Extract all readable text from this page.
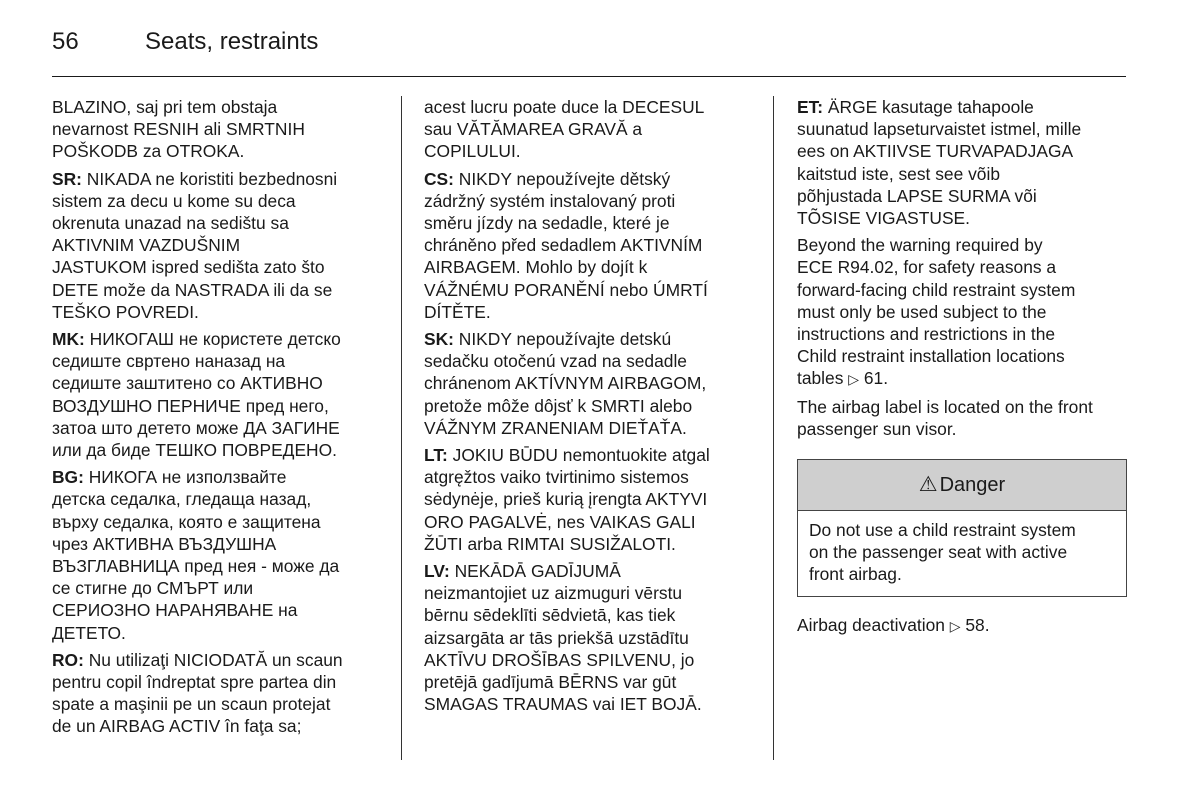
56	Seats, restraints

BLAZINO, saj pri tem obstaja
nevarnost RESNIH ali SMRTNIH
POŠKODB za OTROKA.

SR: NIKADA ne koristiti bezbednosni
sistem za decu u kome su deca
okrenuta unazad na sedištu sa
AKTIVNIM VAZDUŠNIM
JASTUKOM ispred sedišta zato što
DETE može da NASTRADA ili da se
TEŠKO POVREDI.

MK: НИКОГАШ не користете детско
седиште свртено наназад на
седиште заштитено со АКТИВНО
ВОЗДУШНО ПЕРНИЧЕ пред него,
затоа што детето може ДА ЗАГИНЕ
или да биде ТЕШКО ПОВРЕДЕНО.

BG: НИКОГА не използвайте
детска седалка, гледаща назад,
върху седалка, която е защитена
чрез АКТИВНА ВЪЗДУШНА
ВЪЗГЛАВНИЦА пред нея - може да
се стигне до СМЪРТ или
СЕРИОЗНО НАРАНЯВАНЕ на
ДЕТЕТО.

RO: Nu utilizaţi NICIODATĂ un scaun
pentru copil îndreptat spre partea din
spate a maşinii pe un scaun protejat
de un AIRBAG ACTIV în faţa sa;

acest lucru poate duce la DECESUL
sau VĂTĂMAREA GRAVĂ a
COPILULUI.

CS: NIKDY nepoužívejte dětský
zádržný systém instalovaný proti
směru jízdy na sedadle, které je
chráněno před sedadlem AKTIVNÍM
AIRBAGEM. Mohlo by dojít k
VÁŽNÉMU PORANĚNÍ nebo ÚMRTÍ
DÍTĚTE.

SK: NIKDY nepoužívajte detskú
sedačku otočenú vzad na sedadle
chránenom AKTÍVNYM AIRBAGOM,
pretože môže dôjsť k SMRTI alebo
VÁŽNYM ZRANENIAM DIEŤAŤA.

LT: JOKIU BŪDU nemontuokite atgal
atgręžtos vaiko tvirtinimo sistemos
sėdynėje, prieš kurią įrengta AKTYVI
ORO PAGALVĖ, nes VAIKAS GALI
ŽŪTI arba RIMTAI SUSIŽALOTI.

LV: NEKĀDĀ GADĪJUMĀ
neizmantojiet uz aizmuguri vērstu
bērnu sēdeklīti sēdvietā, kas tiek
aizsargāta ar tās priekšā uzstādītu
AKTĪVU DROŠĪBAS SPILVENU, jo
pretējā gadījumā BĒRNS var gūt
SMAGAS TRAUMAS vai IET BOJĀ.

ET: ÄRGE kasutage tahapoole
suunatud lapseturvaistet istmel, mille
ees on AKTIIVSE TURVAPADJAGA
kaitstud iste, sest see võib
põhjustada LAPSE SURMA või
TÕSISE VIGASTUSE.

Beyond the warning required by
ECE R94.02, for safety reasons a
forward-facing child restraint system
must only be used subject to the
instructions and restrictions in the
Child restraint installation locations
tables ▷ 61.

The airbag label is located on the front
passenger sun visor.

⚠ Danger
Do not use a child restraint system
on the passenger seat with active
front airbag.

Airbag deactivation ▷ 58.
